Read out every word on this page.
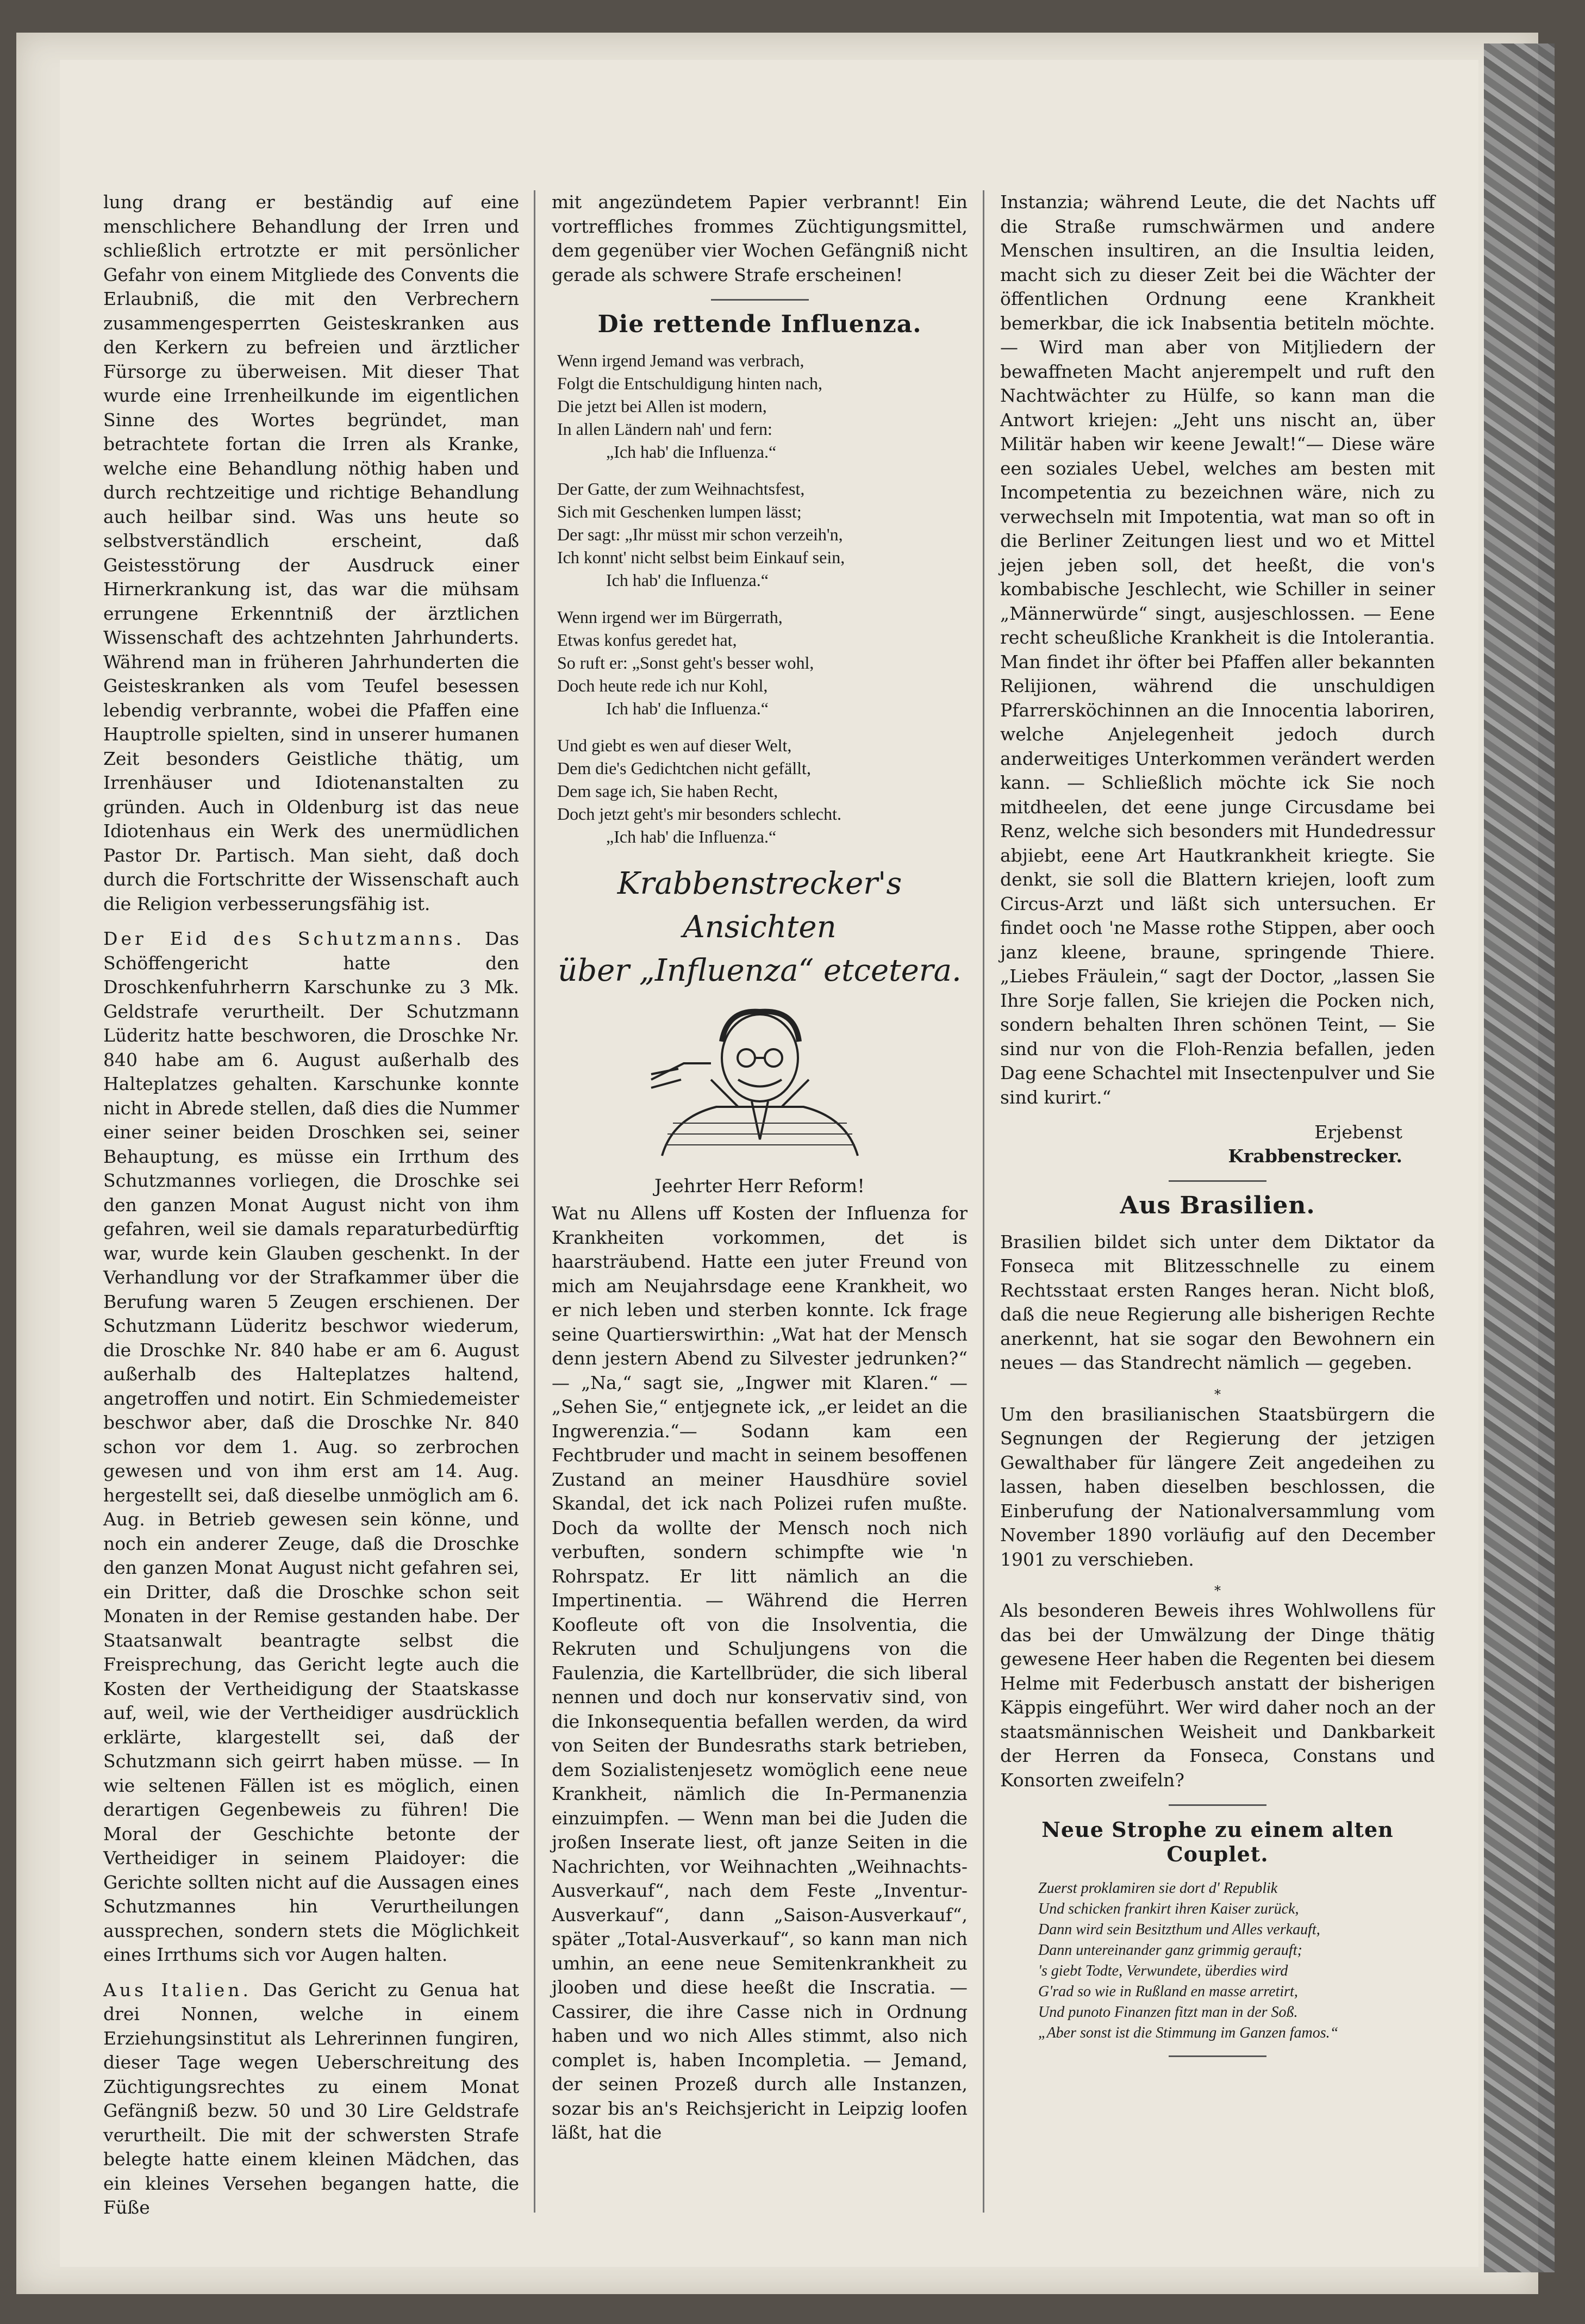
lung drang er beständig auf eine menschlichere Behandlung der Irren und schließlich ertrotzte er mit persönlicher Gefahr von einem Mitgliede des Convents die Erlaubniß, die mit den Verbrechern zusammengesperrten Geisteskranken aus den Kerkern zu befreien und ärztlicher Fürsorge zu überweisen. Mit dieser That wurde eine Irrenheilkunde im eigentlichen Sinne des Wortes begründet, man betrachtete fortan die Irren als Kranke, welche eine Behandlung nöthig haben und durch rechtzeitige und richtige Behandlung auch heilbar sind. Was uns heute so selbstverständlich erscheint, daß Geistesstörung der Ausdruck einer Hirnerkrankung ist, das war die mühsam errungene Erkenntniß der ärztlichen Wissenschaft des achtzehnten Jahrhunderts. Während man in früheren Jahrhunderten die Geisteskranken als vom Teufel besessen lebendig verbrannte, wobei die Pfaffen eine Hauptrolle spielten, sind in unserer humanen Zeit besonders Geistliche thätig, um Irrenhäuser und Idiotenanstalten zu gründen. Auch in Oldenburg ist das neue Idiotenhaus ein Werk des unermüdlichen Pastor Dr. Partisch. Man sieht, daß doch durch die Fortschritte der Wissenschaft auch die Religion verbesserungsfähig ist.

Der Eid des Schutzmanns. Das Schöffengericht hatte den Droschkenfuhrherrn Karschunke zu 3 Mk. Geldstrafe verurtheilt. Der Schutzmann Lüderitz hatte beschworen, die Droschke Nr. 840 habe am 6. August außerhalb des Halteplatzes gehalten. Karschunke konnte nicht in Abrede stellen, daß dies die Nummer einer seiner beiden Droschken sei, seiner Behauptung, es müsse ein Irrthum des Schutzmannes vorliegen, die Droschke sei den ganzen Monat August nicht von ihm gefahren, weil sie damals reparaturbedürftig war, wurde kein Glauben geschenkt. In der Verhandlung vor der Strafkammer über die Berufung waren 5 Zeugen erschienen. Der Schutzmann Lüderitz beschwor wiederum, die Droschke Nr. 840 habe er am 6. August außerhalb des Halteplatzes haltend, angetroffen und notirt. Ein Schmiedemeister beschwor aber, daß die Droschke Nr. 840 schon vor dem 1. Aug. so zerbrochen gewesen und von ihm erst am 14. Aug. hergestellt sei, daß dieselbe unmöglich am 6. Aug. in Betrieb gewesen sein könne, und noch ein anderer Zeuge, daß die Droschke den ganzen Monat August nicht gefahren sei, ein Dritter, daß die Droschke schon seit Monaten in der Remise gestanden habe. Der Staatsanwalt beantragte selbst die Freisprechung, das Gericht legte auch die Kosten der Vertheidigung der Staatskasse auf, weil, wie der Vertheidiger ausdrücklich erklärte, klargestellt sei, daß der Schutzmann sich geirrt haben müsse. — In wie seltenen Fällen ist es möglich, einen derartigen Gegenbeweis zu führen! Die Moral der Geschichte betonte der Vertheidiger in seinem Plaidoyer: die Gerichte sollten nicht auf die Aussagen eines Schutzmannes hin Verurtheilungen aussprechen, sondern stets die Möglichkeit eines Irrthums sich vor Augen halten.

Aus Italien. Das Gericht zu Genua hat drei Nonnen, welche in einem Erziehungsinstitut als Lehrerinnen fungiren, dieser Tage wegen Ueberschreitung des Züchtigungsrechtes zu einem Monat Gefängniß bezw. 50 und 30 Lire Geldstrafe verurtheilt. Die mit der schwersten Strafe belegte hatte einem kleinen Mädchen, das ein kleines Versehen begangen hatte, die Füße

mit angezündetem Papier verbrannt! Ein vortreffliches frommes Züchtigungsmittel, dem gegenüber vier Wochen Gefängniß nicht gerade als schwere Strafe erscheinen!

Die rettende Influenza.
Wenn irgend Jemand was verbrach,
Folgt die Entschuldigung hinten nach,
Die jetzt bei Allen ist modern,
In allen Ländern nah' und fern:
„Ich hab' die Influenza.“
Der Gatte, der zum Weihnachtsfest,
Sich mit Geschenken lumpen lässt;
Der sagt: „Ihr müsst mir schon verzeih'n,
Ich konnt' nicht selbst beim Einkauf sein,
Ich hab' die Influenza.“
Wenn irgend wer im Bürgerrath,
Etwas konfus geredet hat,
So ruft er: „Sonst geht's besser wohl,
Doch heute rede ich nur Kohl,
Ich hab' die Influenza.“
Und giebt es wen auf dieser Welt,
Dem die's Gedichtchen nicht gefällt,
Dem sage ich, Sie haben Recht,
Doch jetzt geht's mir besonders schlecht.
„Ich hab' die Influenza.“
Krabbenstrecker's Ansichten
über „Influenza“ etcetera.
Jeehrter Herr Reform!

Wat nu Allens uff Kosten der Influenza for Krankheiten vorkommen, det is haarsträubend. Hatte een juter Freund von mich am Neujahrsdage eene Krankheit, wo er nich leben und sterben konnte. Ick frage seine Quartierswirthin: „Wat hat der Mensch denn jestern Abend zu Silvester jedrunken?“ — „Na,“ sagt sie, „Ingwer mit Klaren.“ — „Sehen Sie,“ entjegnete ick, „er leidet an die Ingwerenzia.“— Sodann kam een Fechtbruder und macht in seinem besoffenen Zustand an meiner Hausdhüre soviel Skandal, det ick nach Polizei rufen mußte. Doch da wollte der Mensch noch nich verbuften, sondern schimpfte wie 'n Rohrspatz. Er litt nämlich an die Impertinentia. — Während die Herren Koofleute oft von die Insolventia, die Rekruten und Schuljungens von die Faulenzia, die Kartellbrüder, die sich liberal nennen und doch nur konservativ sind, von die Inkonsequentia befallen werden, da wird von Seiten der Bundesraths stark betrieben, dem Sozialistenjesetz womöglich eene neue Krankheit, nämlich die In-Permanenzia einzuimpfen. — Wenn man bei die Juden die jroßen Inserate liest, oft janze Seiten in die Nachrichten, vor Weihnachten „Weihnachts-Ausverkauf“, nach dem Feste „Inventur-Ausverkauf“, dann „Saison-Ausverkauf“, später „Total-Ausverkauf“, so kann man nich umhin, an eene neue Semitenkrankheit zu jlooben und diese heeßt die Inscratia. — Cassirer, die ihre Casse nich in Ordnung haben und wo nich Alles stimmt, also nich complet is, haben Incompletia. — Jemand, der seinen Prozeß durch alle Instanzen, sozar bis an's Reichsjericht in Leipzig loofen läßt, hat die

Instanzia; während Leute, die det Nachts uff die Straße rumschwärmen und andere Menschen insultiren, an die Insultia leiden, macht sich zu dieser Zeit bei die Wächter der öffentlichen Ordnung eene Krankheit bemerkbar, die ick Inabsentia betiteln möchte. — Wird man aber von Mitjliedern der bewaffneten Macht anjerempelt und ruft den Nachtwächter zu Hülfe, so kann man die Antwort kriejen: „Jeht uns nischt an, über Militär haben wir keene Jewalt!“— Diese wäre een soziales Uebel, welches am besten mit Incompetentia zu bezeichnen wäre, nich zu verwechseln mit Impotentia, wat man so oft in die Berliner Zeitungen liest und wo et Mittel jejen jeben soll, det heeßt, die von's kombabische Jeschlecht, wie Schiller in seiner „Männerwürde“ singt, ausjeschlossen. — Eene recht scheußliche Krankheit is die Intolerantia. Man findet ihr öfter bei Pfaffen aller bekannten Relijionen, während die unschuldigen Pfarrersköchinnen an die Innocentia laboriren, welche Anjelegenheit jedoch durch anderweitiges Unterkommen verändert werden kann. — Schließlich möchte ick Sie noch mitdheelen, det eene junge Circusdame bei Renz, welche sich besonders mit Hundedressur abjiebt, eene Art Hautkrankheit kriegte. Sie denkt, sie soll die Blattern kriejen, looft zum Circus-Arzt und läßt sich untersuchen. Er findet ooch 'ne Masse rothe Stippen, aber ooch janz kleene, braune, springende Thiere. „Liebes Fräulein,“ sagt der Doctor, „lassen Sie Ihre Sorje fallen, Sie kriejen die Pocken nich, sondern behalten Ihren schönen Teint, — Sie sind nur von die Floh-Renzia befallen, jeden Dag eene Schachtel mit Insectenpulver und Sie sind kurirt.“

Erjebenst
Krabbenstrecker.
Aus Brasilien.

Brasilien bildet sich unter dem Diktator da Fonseca mit Blitzesschnelle zu einem Rechtsstaat ersten Ranges heran. Nicht bloß, daß die neue Regierung alle bisherigen Rechte anerkennt, hat sie sogar den Bewohnern ein neues — das Standrecht nämlich — gegeben.

*

Um den brasilianischen Staatsbürgern die Segnungen der Regierung der jetzigen Gewalthaber für längere Zeit angedeihen zu lassen, haben dieselben beschlossen, die Einberufung der Nationalversammlung vom November 1890 vorläufig auf den December 1901 zu verschieben.

*

Als besonderen Beweis ihres Wohlwollens für das bei der Umwälzung der Dinge thätig gewesene Heer haben die Regenten bei diesem Helme mit Federbusch anstatt der bisherigen Käppis eingeführt. Wer wird daher noch an der staatsmännischen Weisheit und Dankbarkeit der Herren da Fonseca, Constans und Konsorten zweifeln?

Neue Strophe zu einem alten Couplet.
Zuerst proklamiren sie dort d' Republik
Und schicken frankirt ihren Kaiser zurück,
Dann wird sein Besitzthum und Alles verkauft,
Dann untereinander ganz grimmig gerauft;
's giebt Todte, Verwundete, überdies wird
G'rad so wie in Rußland en masse arretirt,
Und punoto Finanzen fitzt man in der Soß.
„Aber sonst ist die Stimmung im Ganzen famos.“
